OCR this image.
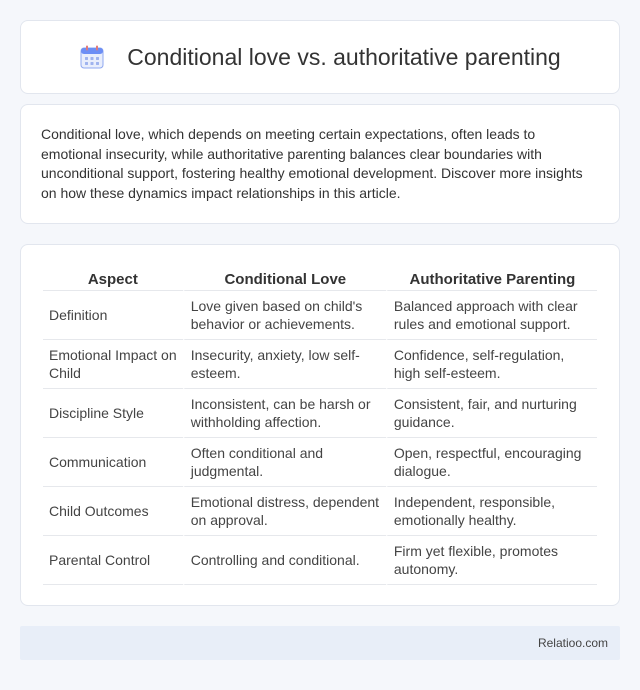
Conditional love vs. authoritative parenting

Conditional love, which depends on meeting certain expectations, often leads to emotional insecurity, while authoritative parenting balances clear boundaries with unconditional support, fostering healthy emotional development. Discover more insights on how these dynamics impact relationships in this article.

Aspect	Conditional Love	Authoritative Parenting
Definition	Love given based on child's behavior or achievements.	Balanced approach with clear rules and emotional support.
Emotional Impact on Child	Insecurity, anxiety, low self-esteem.	Confidence, self-regulation, high self-esteem.
Discipline Style	Inconsistent, can be harsh or withholding affection.	Consistent, fair, and nurturing guidance.
Communication	Often conditional and judgmental.	Open, respectful, encouraging dialogue.
Child Outcomes	Emotional distress, dependent on approval.	Independent, responsible, emotionally healthy.
Parental Control	Controlling and conditional.	Firm yet flexible, promotes autonomy.
Relatioo.com
